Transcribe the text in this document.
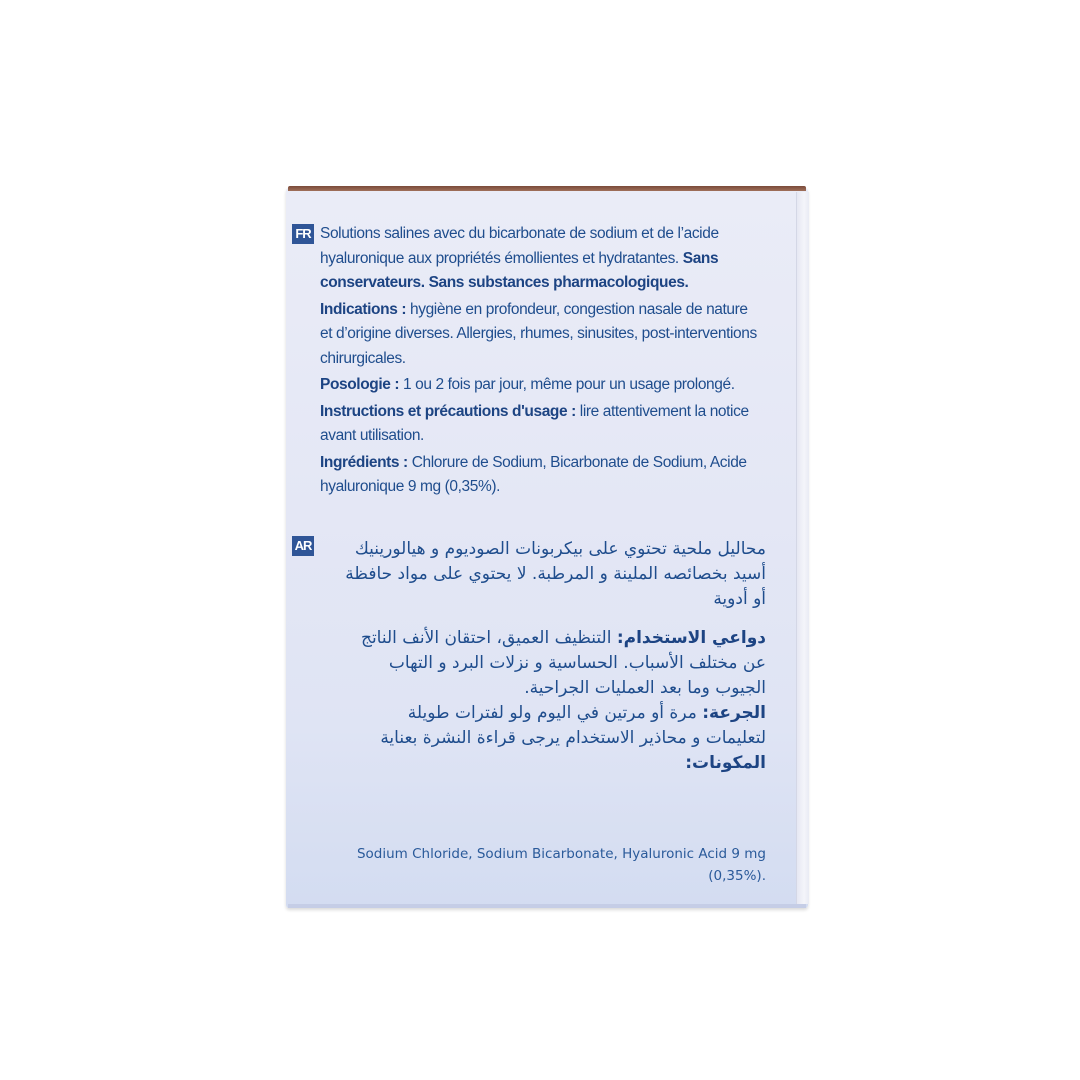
FR Solutions salines avec du bicarbonate de sodium et de l’acide hyaluronique aux propriétés émollientes et hydratantes. Sans conservateurs. Sans substances pharmacologiques.

Indications : hygiène en profondeur, congestion nasale de nature et d’origine diverses. Allergies, rhumes, sinusites, post-interventions chirurgicales.

Posologie : 1 ou 2 fois par jour, même pour un usage prolongé.

Instructions et précautions d'usage : lire attentivement la notice avant utilisation.

Ingrédients : Chlorure de Sodium, Bicarbonate de Sodium, Acide hyaluronique 9 mg (0,35%).

AR	محاليل ملحية تحتوي على بيكربونات الصوديوم و هيالورينيك أسيد بخصائصه الملينة و المرطبة. لا يحتوي على مواد حافظة أو أدوية

دواعي الاستخدام: التنظيف العميق، احتقان الأنف الناتج عن مختلف الأسباب. الحساسية و نزلات البرد و التهاب الجيوب وما بعد العمليات الجراحية.

الجرعة: مرة أو مرتين في اليوم ولو لفترات طويلة

لتعليمات و محاذير الاستخدام يرجى قراءة النشرة بعناية

المكونات:

Sodium Chloride, Sodium Bicarbonate, Hyaluronic Acid 9 mg (0,35%).
